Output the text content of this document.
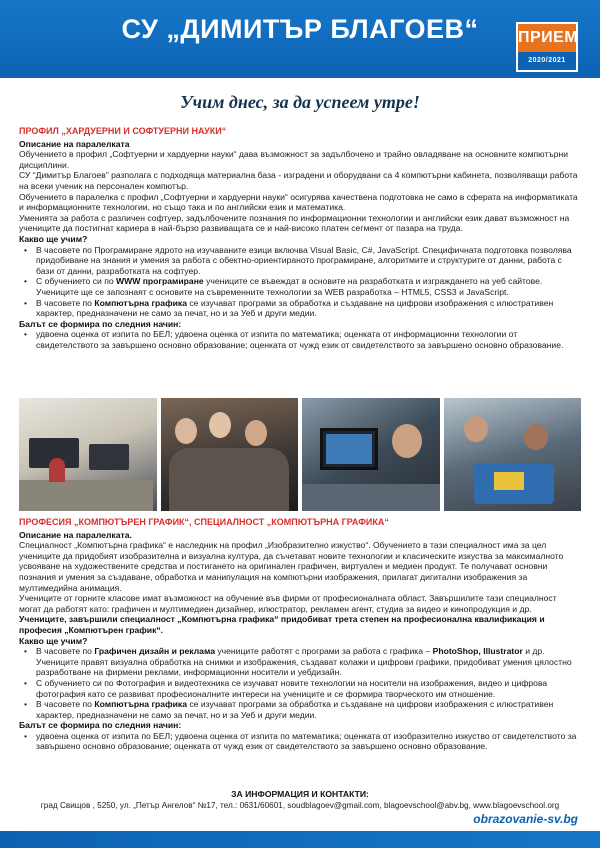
СУ „ДИМИТЪР БЛАГОЕВ“	ПРИЕМ
2020/2021
Учим днес, за да успеем утре!
ПРОФИЛ „ХАРДУЕРНИ И СОФТУЕРНИ НАУКИ“
Описание на паралелката
Обучението в профил „Софтуерни и хардуерни науки“ дава възможност за задълбочено и трайно овладяване на основните компютърни дисциплини.
СУ “Димитър Благоев” разполага с подходяща материална база - изградени и оборудвани са 4 компютърни кабинета, позволяващи работа на всеки ученик на персонален компютър.
Обучението в паралелка с профил „Софтуерни и хардуерни науки“ осигурява качествена подготовка не само в сферата на информатиката и информационните технологии, но също така и по английски език и математика.
Уменията за работа с различен софтуер, задълбочените познания по информационни технологии и английски език дават възможност на учениците да постигнат кариера в най-бързо развиващата се и най-високо платен сегмент от пазара на труда.
Какво ще учим?
• В часовете по Програмиране ядрото на изучаваните езици включва Visual Basic, C#, JavaScript. Специфичната подготовка позволява придобиване на знания и умения за работа с обектно-ориентираното програмиране, алгоритмите и структурите от данни, работа с бази от данни, разработката на софтуер.
• С обучението си по WWW програмиране учениците се въвеждат в основите на разработката и изграждането на уеб сайтове. Учениците ще се запознаят с основите на съвременните технологии за WEB разработка – HTML5, CSS3 и JavaScript.
• В часовете по Компютърна графика се изучават програми за обработка и създаване на цифрови изображения с илюстративен характер, предназначени не само за печат, но и за Уеб и други медии.
Балът се формира по следния начин:
• удвоена оценка от изпита по БЕЛ; удвоена оценка от изпита по математика; оценката от информационни технологии от свидетелството за завършено основно образование; оценката от чужд език от свидетелството за завършено основно образование.
ПРОФЕСИЯ „КОМПЮТЪРЕН ГРАФИК“, СПЕЦИАЛНОСТ „КОМПЮТЪРНА ГРАФИКА“
Описание на паралелката.
Специалност „Компютърна графика“ е наследник на профил „Изобразително изкуство“. Обучението в тази специалност има за цел учениците да придобият изобразителна и визуална култура, да съчетават новите технологии и класическите изкуства за максималното усвояване на художествените средства и постигането на оригинален графичен, виртуален и медиен продукт. Те получават основни познания и умения за създаване, обработка и манипулация на компютърни изображения, прилагат дигитални изображения за мултимедийна анимация.
Учениците от горните класове имат възможност на обучение във фирми от професионалната област. Завършилите тази специалност могат да работят като: графичен и мултимедиен дизайнер, илюстратор, рекламен агент, студиа за видео и кинопродукция и др.
Учениците, завършили специалност „Компютърна графика“ придобиват трета степен на професионална квалификация и професия „Компютърен график“.
Какво ще учим?
• В часовете по Графичен дизайн и реклама учениците работят с програми за работа с графика – PhotoShop, Illustrator и др. Учениците правят визуална обработка на снимки и изображения, създават колажи и цифрови графики, придобиват умения цялостно разработване на фирмени реклами, информационни носители и уебдизайн.
• С обучението си по Фотография и видеотехника се изучават новите технологии на носители на изображения, видео и цифрова фотография като се развиват професионалните интереси на учениците и се формира творческото им отношение.
• В часовете по Компютърна графика се изучават програми за обработка и създаване на цифрови изображения с илюстративен характер, предназначени не само за печат, но и за Уеб и други медии.
Балът се формира по следния начин:
• удвоена оценка от изпита по БЕЛ; удвоена оценка от изпита по математика; оценката от изобразително изкуство от свидетелството за завършено основно образование; оценката от чужд език от свидетелството за завършено основно образование.
ЗА ИНФОРМАЦИЯ И КОНТАКТИ:
град Свищов , 5250, ул. „Петър Ангелов“ №17, тел.: 0631/60601, soudblagoev@gmail.com, blagoevschool@abv.bg, www.blagoevschool.org
obrazovanie-sv.bg
